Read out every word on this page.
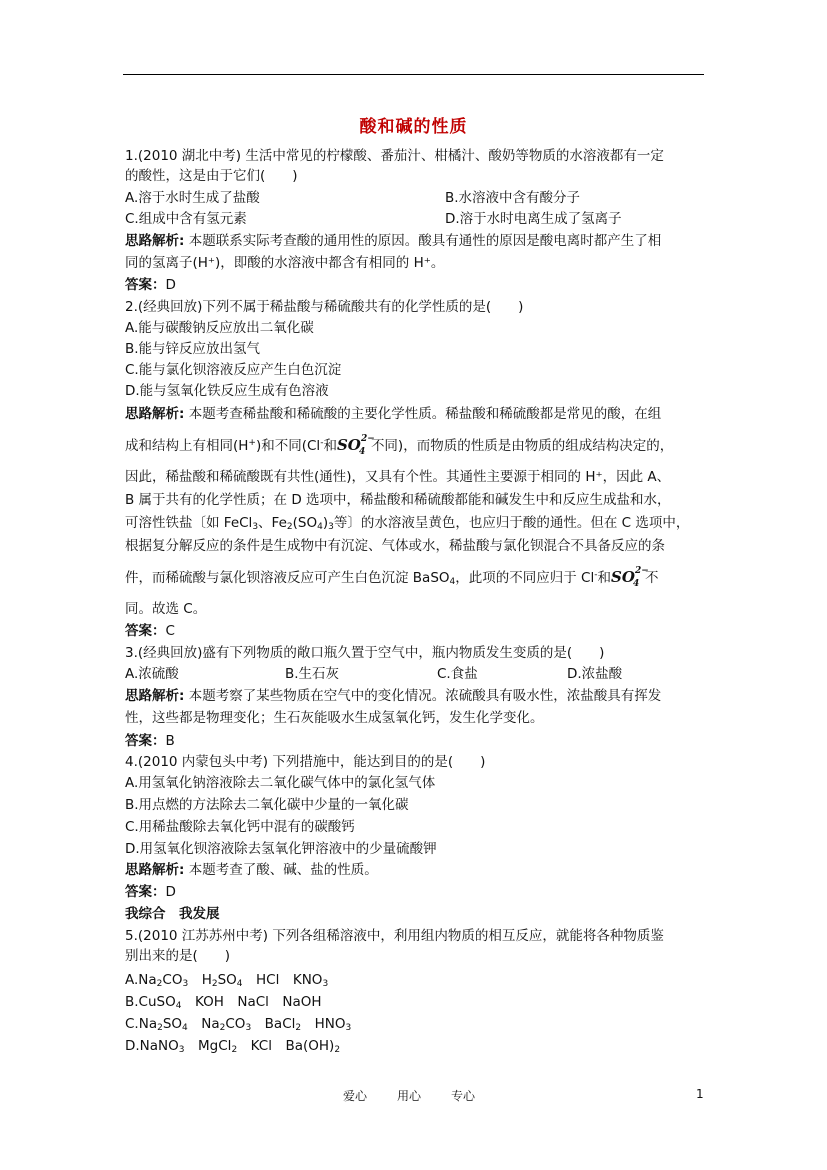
酸和碱的性质
1.(2010 湖北中考) 生活中常见的柠檬酸、番茄汁、柑橘汁、酸奶等物质的水溶液都有一定
的酸性，这是由于它们(　　)
A.溶于水时生成了盐酸	B.水溶液中含有酸分子
C.组成中含有氢元素	D.溶于水时电离生成了氢离子
思路解析: 本题联系实际考查酸的通用性的原因。酸具有通性的原因是酸电离时都产生了相
同的氢离子(H⁺)，即酸的水溶液中都含有相同的 H⁺。
答案：D
2.(经典回放)下列不属于稀盐酸与稀硫酸共有的化学性质的是(　　)
A.能与碳酸钠反应放出二氧化碳
B.能与锌反应放出氢气
C.能与氯化钡溶液反应产生白色沉淀
D.能与氢氧化铁反应生成有色溶液
思路解析: 本题考查稀盐酸和稀硫酸的主要化学性质。稀盐酸和稀硫酸都是常见的酸，在组
成和结构上有相同(H+)和不同(Cl-和SO 2−
4 不同)，而物质的性质是由物质的组成结构决定的，
因此，稀盐酸和稀硫酸既有共性(通性)，又具有个性。其通性主要源于相同的 H⁺，因此 A、
B 属于共有的化学性质；在 D 选项中，稀盐酸和稀硫酸都能和碱发生中和反应生成盐和水，
可溶性铁盐〔如 FeCl$_3$、$Fe_2(SO_4)_3$等〕的水溶液呈黄色，也应归于酸的通性。但在 C 选项中，
根据复分解反应的条件是生成物中有沉淀、气体或水，稀盐酸与氯化钡混合不具备反应的条
件，而稀硫酸与氯化钡溶液反应可产生白色沉淀 BaSO$_4$，此项的不同应归于 Cl-和SO 2−
4 不
同。故选 C。
答案：C
3.(经典回放)盛有下列物质的敞口瓶久置于空气中，瓶内物质发生变质的是(　　)
A.浓硫酸	B.生石灰	C.食盐	D.浓盐酸
思路解析: 本题考察了某些物质在空气中的变化情况。浓硫酸具有吸水性，浓盐酸具有挥发
性，这些都是物理变化；生石灰能吸水生成氢氧化钙，发生化学变化。
答案：B
4.(2010 内蒙包头中考) 下列措施中，能达到目的的是(　　)
A.用氢氧化钠溶液除去二氧化碳气体中的氯化氢气体
B.用点燃的方法除去二氧化碳中少量的一氧化碳
C.用稀盐酸除去氧化钙中混有的碳酸钙
D.用氢氧化钡溶液除去氢氧化钾溶液中的少量硫酸钾
思路解析: 本题考查了酸、碱、盐的性质。
答案：D
我综合　我发展
5.(2010 江苏苏州中考) 下列各组稀溶液中，利用组内物质的相互反应，就能将各种物质鉴
别出来的是(　　)
$A.Na_2CO_3$　$H_2SO_4$　HCl　$KNO_3$
B.CuSO$_4$　KOH　NaCl　NaOH
$C.Na_2SO_4$　$Na_2CO_3$　BaCl$_2$　$HNO_3$
D.NaNO$_3$　MgCl$_2$　KCl　$Ba(OH)_2$
爱心	用心	专心	1
